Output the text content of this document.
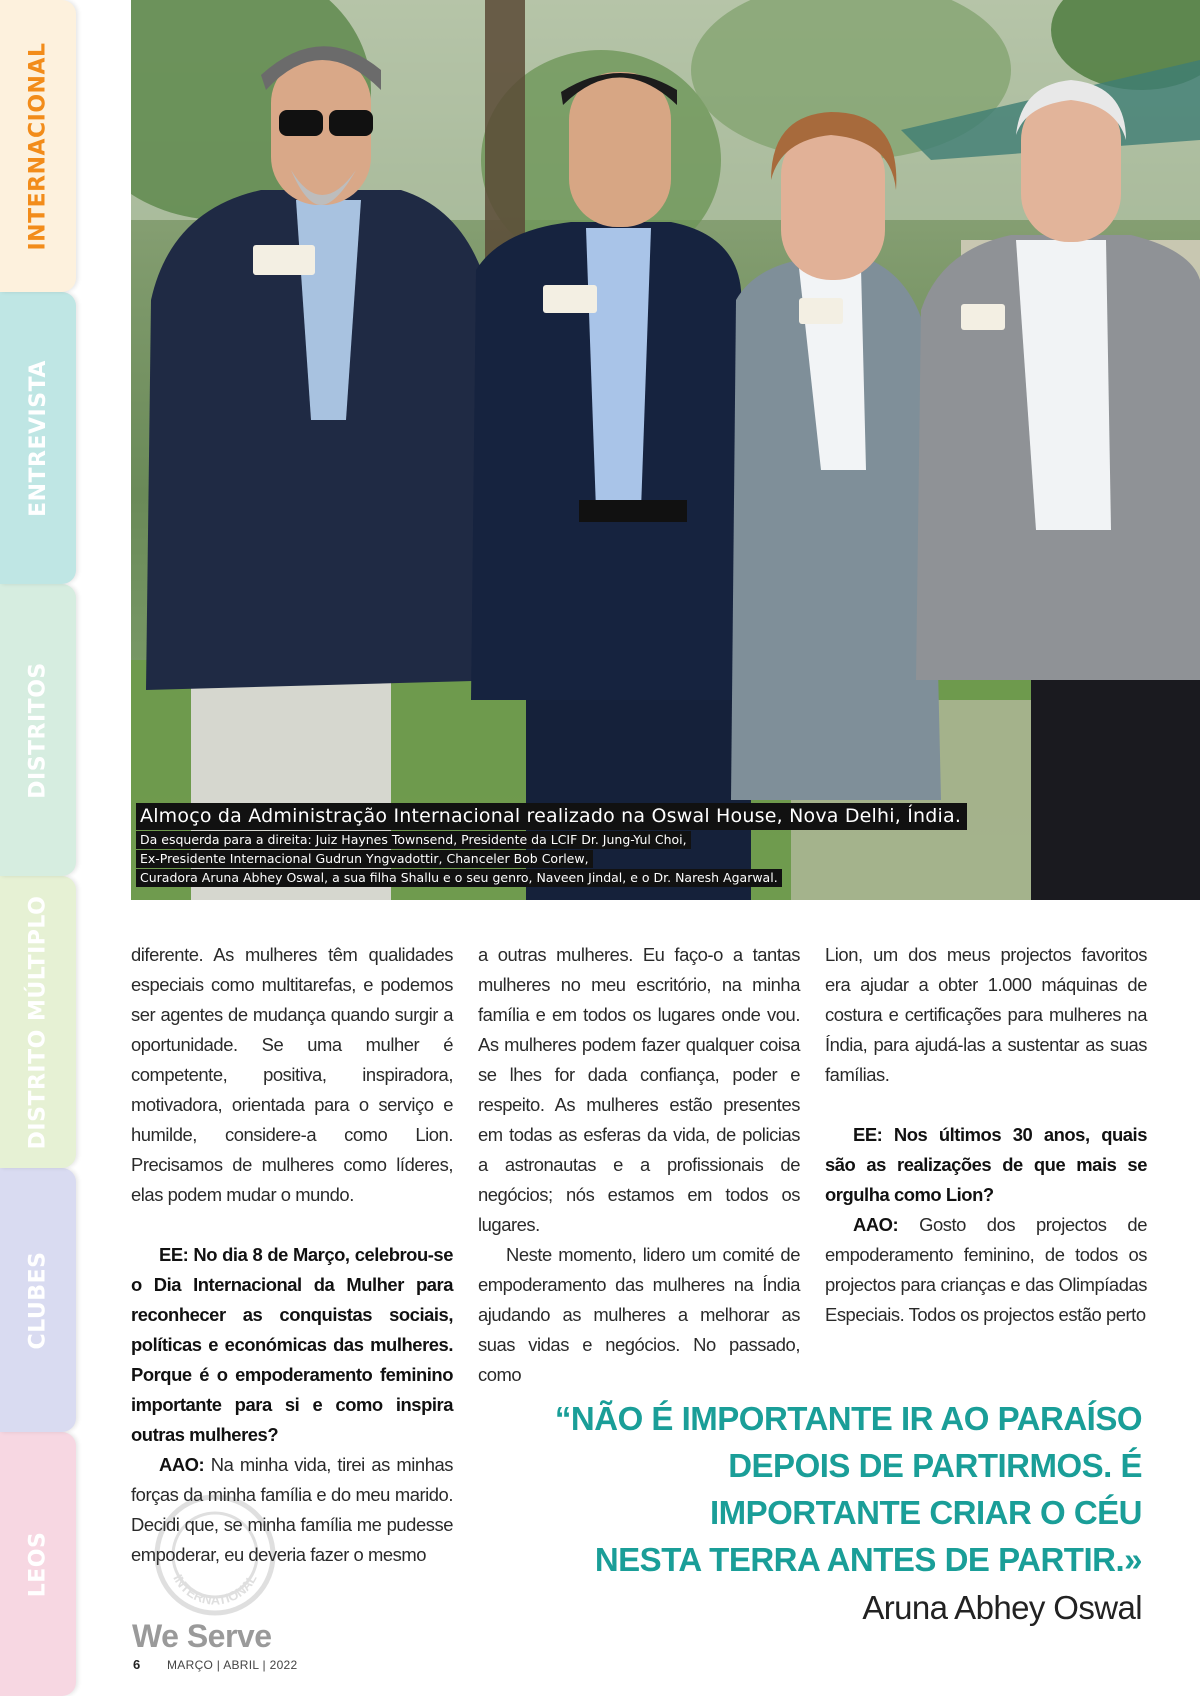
INTERNACIONAL
ENTREVISTA
DISTRITOS
DISTRITO MÚLTIPLO
CLUBES
LEOS
Almoço da Administração Internacional realizado na Oswal House, Nova Delhi, Índia.
Da esquerda para a direita: Juiz Haynes Townsend, Presidente da LCIF Dr. Jung-Yul Choi,
Ex-Presidente Internacional Gudrun Yngvadottir, Chanceler Bob Corlew,
Curadora Aruna Abhey Oswal, a sua filha Shallu e o seu genro, Naveen Jindal, e o Dr. Naresh Agarwal.

diferente. As mulheres têm qualidades especiais como multitarefas, e podemos ser agentes de mudança quando surgir a oportunidade. Se uma mulher é competente, positiva, inspiradora, motivadora, orientada para o serviço e humilde, considere-a como Lion. Precisamos de mulheres como líderes, elas podem mudar o mundo.

EE: No dia 8 de Março, celebrou-se o Dia Internacional da Mulher para reconhecer as conquistas sociais, políticas e económicas das mulheres. Porque é o empoderamento feminino importante para si e como inspira outras mulheres?

AAO: Na minha vida, tirei as minhas forças da minha família e do meu marido. Decidi que, se minha família me pudesse empoderar, eu deveria fazer o mesmo

a outras mulheres. Eu faço-o a tantas mulheres no meu escritório, na minha família e em todos os lugares onde vou. As mulheres podem fazer qualquer coisa se lhes for dada confiança, poder e respeito. As mulheres estão presentes em todas as esferas da vida, de policias a astronautas e a profissionais de negócios; nós estamos em todos os lugares.

Neste momento, lidero um comité de empoderamento das mulheres na Índia ajudando as mulheres a melhorar as suas vidas e negócios. No passado, como

Lion, um dos meus projectos favoritos era ajudar a obter 1.000 máquinas de costura e certificações para mulheres na Índia, para ajudá-las a sustentar as suas famílias.

EE: Nos últimos 30 anos, quais são as realizações de que mais se orgulha como Lion?

AAO: Gosto dos projectos de empoderamento feminino, de todos os projectos para crianças e das Olimpíadas Especiais. Todos os projectos estão perto

“NÃO É IMPORTANTE IR AO PARAÍSO
DEPOIS DE PARTIRMOS. É IMPORTANTE CRIAR O CÉU
NESTA TERRA ANTES DE PARTIR.»
Aruna Abhey Oswal
INTERNATIONAL
We Serve
6 MARÇO | ABRIL | 2022
